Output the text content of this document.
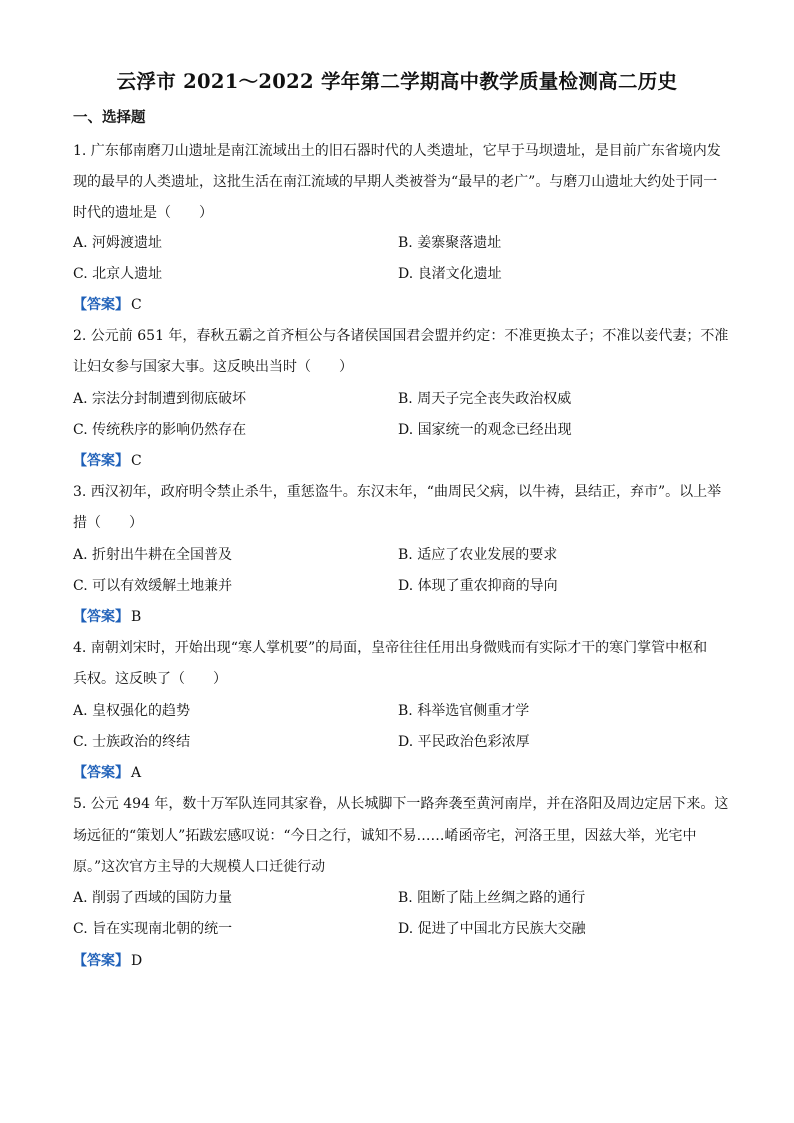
云浮市 2021～2022 学年第二学期高中教学质量检测高二历史
一、选择题
1. 广东郁南磨刀山遗址是南江流域出土的旧石器时代的人类遗址，它早于马坝遗址，是目前广东省境内发
现的最早的人类遗址，这批生活在南江流域的早期人类被誉为“最早的老广”。与磨刀山遗址大约处于同一
时代的遗址是（　　）
A. 河姆渡遗址	B. 姜寨聚落遗址
C. 北京人遗址	D. 良渚文化遗址
【答案】 C
2. 公元前 651 年，春秋五霸之首齐桓公与各诸侯国国君会盟并约定：不准更换太子；不准以妾代妻；不准
让妇女参与国家大事。这反映出当时（　　）
A. 宗法分封制遭到彻底破坏	B. 周天子完全丧失政治权威
C. 传统秩序的影响仍然存在	D. 国家统一的观念已经出现
【答案】 C
3. 西汉初年，政府明令禁止杀牛，重惩盗牛。东汉末年，“曲周民父病，以牛祷，县结正，弃市”。以上举
措（　　）
A. 折射出牛耕在全国普及	B. 适应了农业发展的要求
C. 可以有效缓解土地兼并	D. 体现了重农抑商的导向
【答案】 B
4. 南朝刘宋时，开始出现“寒人掌机要”的局面，皇帝往往任用出身微贱而有实际才干的寒门掌管中枢和
兵权。这反映了（　　）
A. 皇权强化的趋势	B. 科举选官侧重才学
C. 士族政治的终结	D. 平民政治色彩浓厚
【答案】 A
5. 公元 494 年，数十万军队连同其家眷，从长城脚下一路奔袭至黄河南岸，并在洛阳及周边定居下来。这
场远征的“策划人”拓跋宏感叹说：“今日之行，诚知不易……崤函帝宅，河洛王里，因兹大举，光宅中
原。”这次官方主导的大规模人口迁徙行动
A. 削弱了西域的国防力量	B. 阻断了陆上丝绸之路的通行
C. 旨在实现南北朝的统一	D. 促进了中国北方民族大交融
【答案】 D
